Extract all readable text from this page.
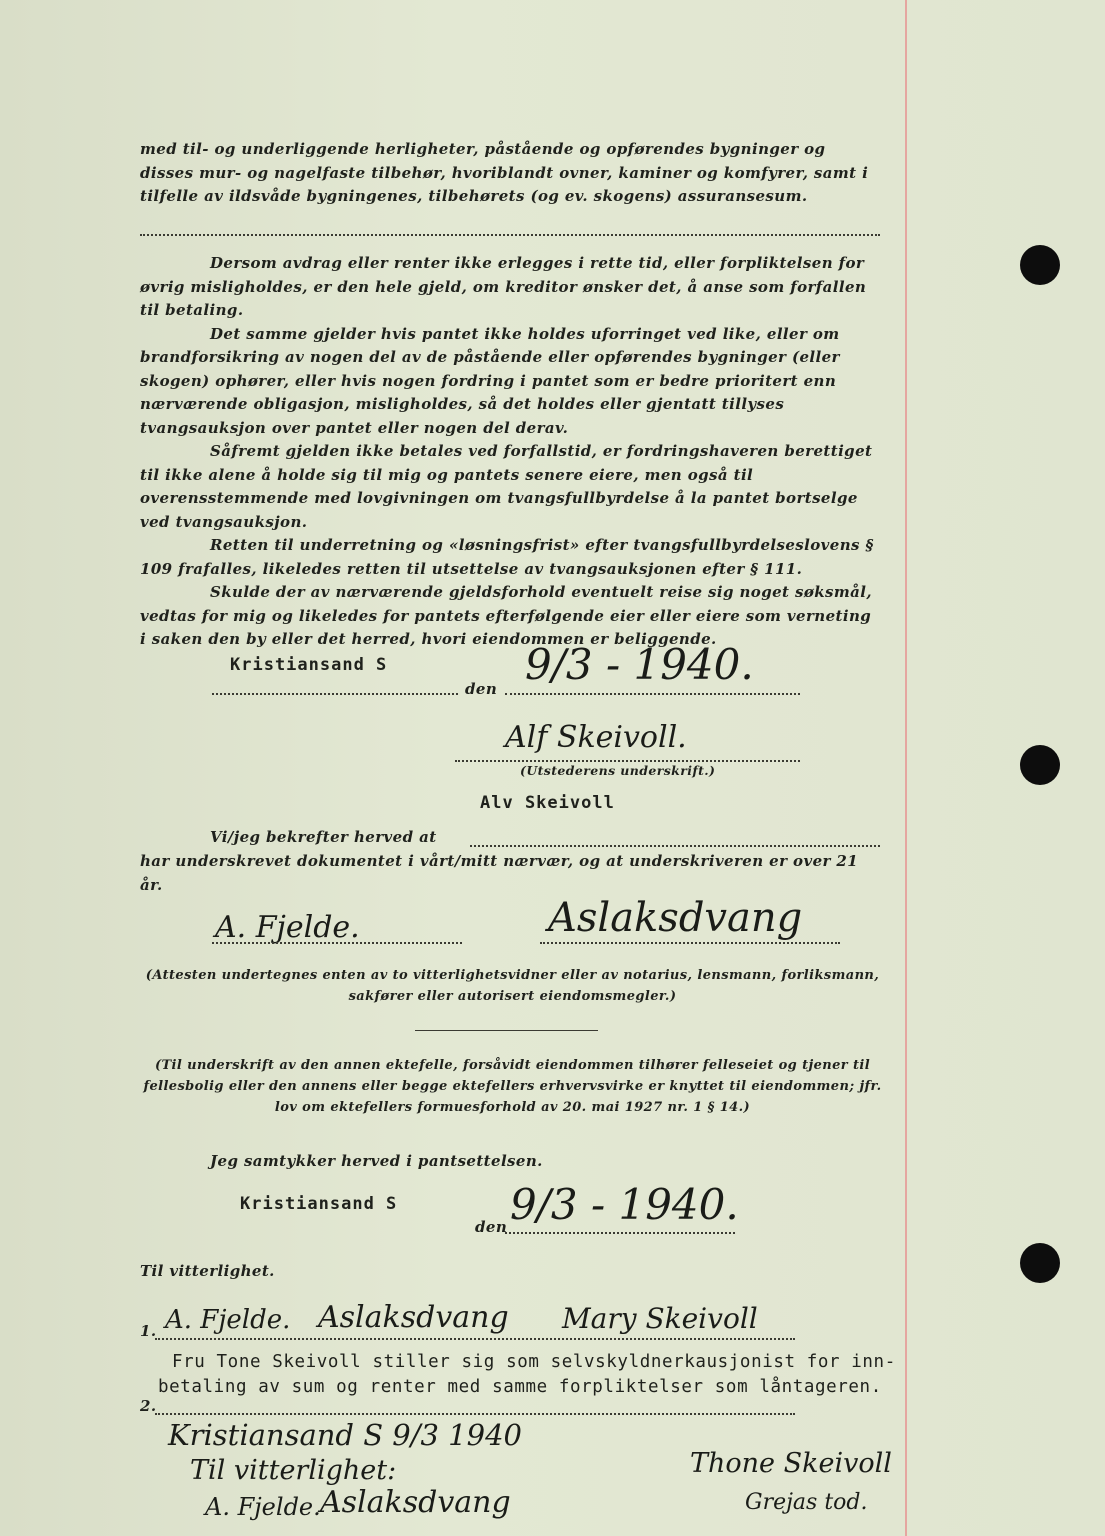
med til- og underliggende herligheter, påstående og opførendes bygninger og disses mur- og nagelfaste tilbehør, hvoriblandt ovner, kaminer og komfyrer, samt i tilfelle av ildsvåde bygningenes, tilbehørets (og ev. skogens) assuransesum.

Dersom avdrag eller renter ikke erlegges i rette tid, eller forpliktelsen for øvrig misligholdes, er den hele gjeld, om kreditor ønsker det, å anse som forfallen til betaling.

Det samme gjelder hvis pantet ikke holdes uforringet ved like, eller om brandforsikring av nogen del av de påstående eller opførendes bygninger (eller skogen) ophører, eller hvis nogen fordring i pantet som er bedre prioritert enn nærværende obligasjon, misligholdes, så det holdes eller gjentatt tillyses tvangsauksjon over pantet eller nogen del derav.

Såfremt gjelden ikke betales ved forfallstid, er fordringshaveren berettiget til ikke alene å holde sig til mig og pantets senere eiere, men også til overensstemmende med lovgivningen om tvangsfullbyrdelse å la pantet bortselge ved tvangsauksjon.

Retten til underretning og «løsningsfrist» efter tvangsfullbyrdelseslovens § 109 frafalles, likeledes retten til utsettelse av tvangsauksjonen efter § 111.

Skulde der av nærværende gjeldsforhold eventuelt reise sig noget søksmål, vedtas for mig og likeledes for pantets efterfølgende eier eller eiere som verneting i saken den by eller det herred, hvori eiendommen er beliggende.

Kristiansand S
den 9/3 - 1940.
Alf Skeivoll.
(Utstederens underskrift.)
Alv Skeivoll
Vi/jeg bekrefter herved at

har underskrevet dokumentet i vårt/mitt nærvær, og at underskriveren er over 21 år.

A. Fjelde.	Aslaksdvang
(Attesten undertegnes enten av to vitterlighetsvidner eller av notarius, lensmann, forliksmann, sakfører eller autorisert eiendomsmegler.)
(Til underskrift av den annen ektefelle, forsåvidt eiendommen tilhører felleseiet og tjener til fellesbolig eller den annens eller begge ektefellers erhvervsvirke er knyttet til eiendommen; jfr. lov om ektefellers formuesforhold av 20. mai 1927 nr. 1 § 14.)
Jeg samtykker herved i pantsettelsen.
Kristiansand S
den 9/3 - 1940.
Til vitterlighet.
1. A. Fjelde. Aslaksdvang Mary Skeivoll
Fru Tone Skeivoll stiller sig som selvskyldnerkausjonist for inn-
betaling av sum og renter med samme forpliktelser som låntageren.
2.
Kristiansand S 9/3 1940
Til vitterlighet:
A. Fjelde. Aslaksdvang
Thone Skeivoll
Grejas tod.
